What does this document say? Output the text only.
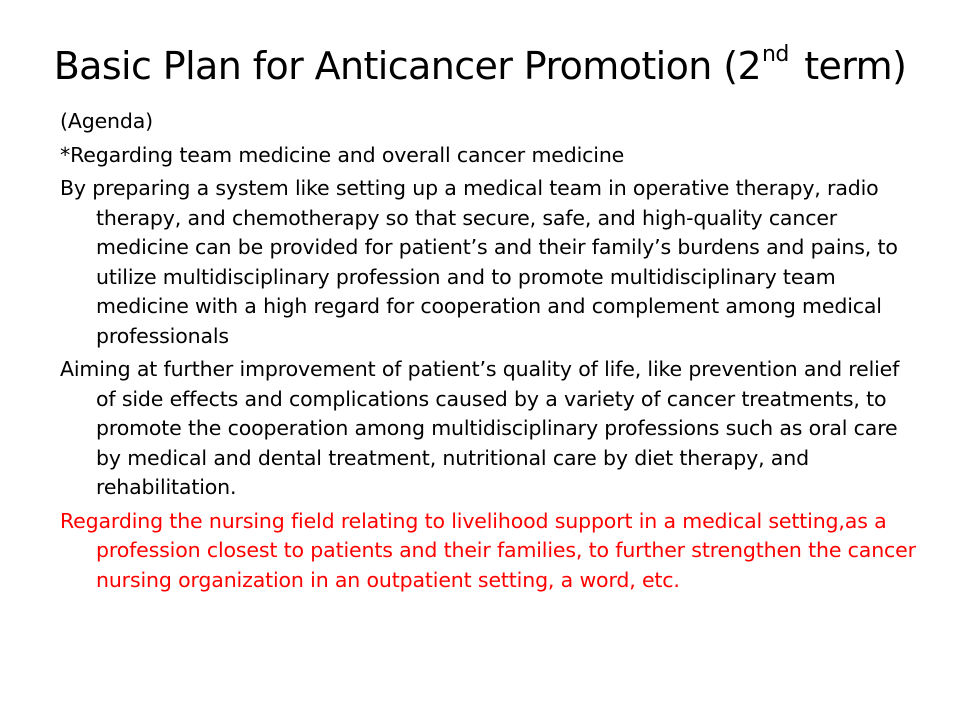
Basic Plan for Anticancer Promotion (2nd term)

(Agenda)

*Regarding team medicine and overall cancer medicine

By preparing a system like setting up a medical team in operative therapy, radio therapy, and chemotherapy so that secure, safe, and high-quality cancer medicine can be provided for patient’s and their family’s burdens and pains, to utilize multidisciplinary profession and to promote multidisciplinary team medicine with a high regard for cooperation and complement among medical professionals

Aiming at further improvement of patient’s quality of life, like prevention and relief of side effects and complications caused by a variety of cancer treatments, to promote the cooperation among multidisciplinary professions such as oral care by medical and dental treatment, nutritional care by diet therapy, and rehabilitation.

Regarding the nursing field relating to livelihood support in a medical setting,as a profession closest to patients and their families, to further strengthen the cancer nursing organization in an outpatient setting, a word, etc.
